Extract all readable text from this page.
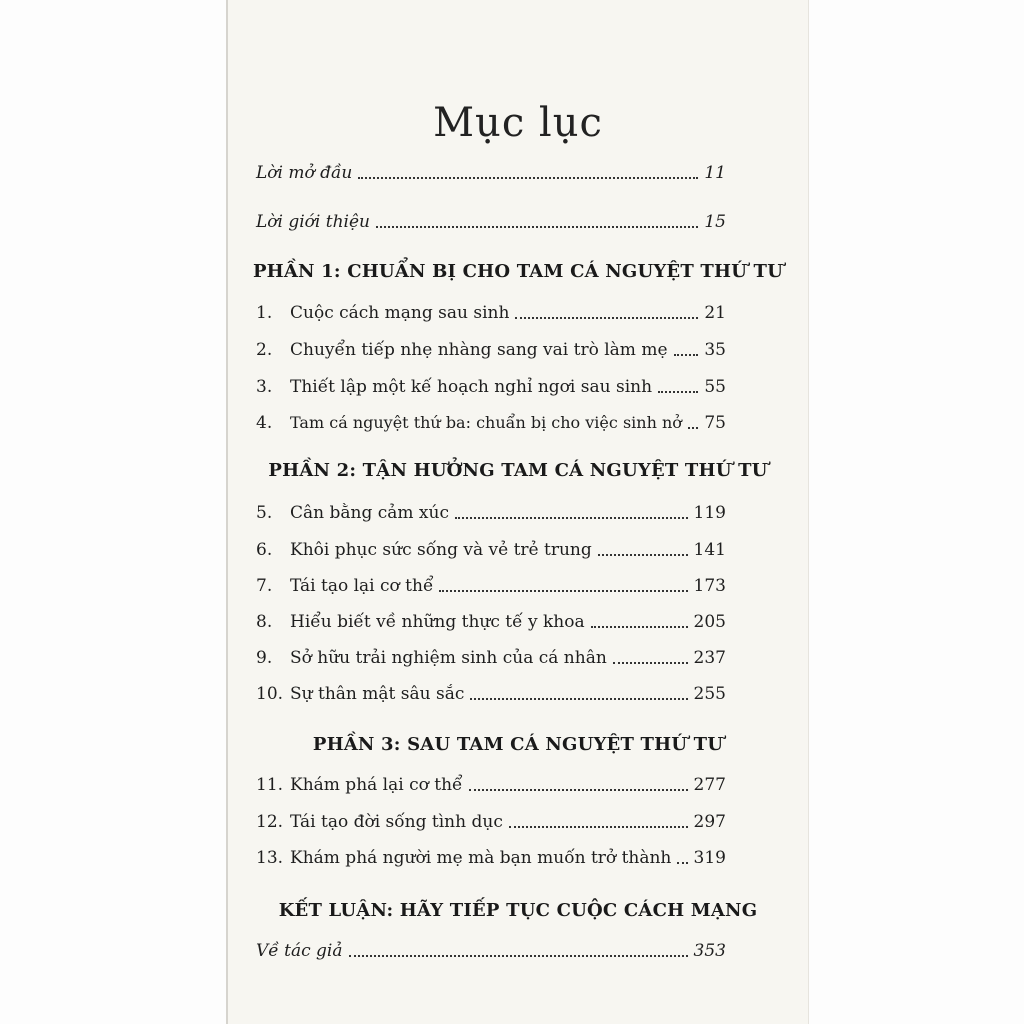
Mục lục
Lời mở đầu	11
Lời giới thiệu	15
PHẦN 1: CHUẨN BỊ CHO TAM CÁ NGUYỆT THỨ TƯ
1.	Cuộc cách mạng sau sinh	21
2.	Chuyển tiếp nhẹ nhàng sang vai trò làm mẹ 35
3.	Thiết lập một kế hoạch nghỉ ngơi sau sinh	55
4.	Tam cá nguyệt thứ ba: chuẩn bị cho việc sinh nở 75
PHẦN 2: TẬN HƯỞNG TAM CÁ NGUYỆT THỨ TƯ
5.	Cân bằng cảm xúc	119
6.	Khôi phục sức sống và vẻ trẻ trung	141
7.	Tái tạo lại cơ thể	173
8.	Hiểu biết về những thực tế y khoa	205
9.	Sở hữu trải nghiệm sinh của cá nhân	237
10. Sự thân mật sâu sắc	255
PHẦN 3: SAU TAM CÁ NGUYỆT THỨ TƯ
11. Khám phá lại cơ thể	277
12. Tái tạo đời sống tình dục	297
13. Khám phá người mẹ mà bạn muốn trở thành 319
KẾT LUẬN: HÃY TIẾP TỤC CUỘC CÁCH MẠNG
Về tác giả	353
